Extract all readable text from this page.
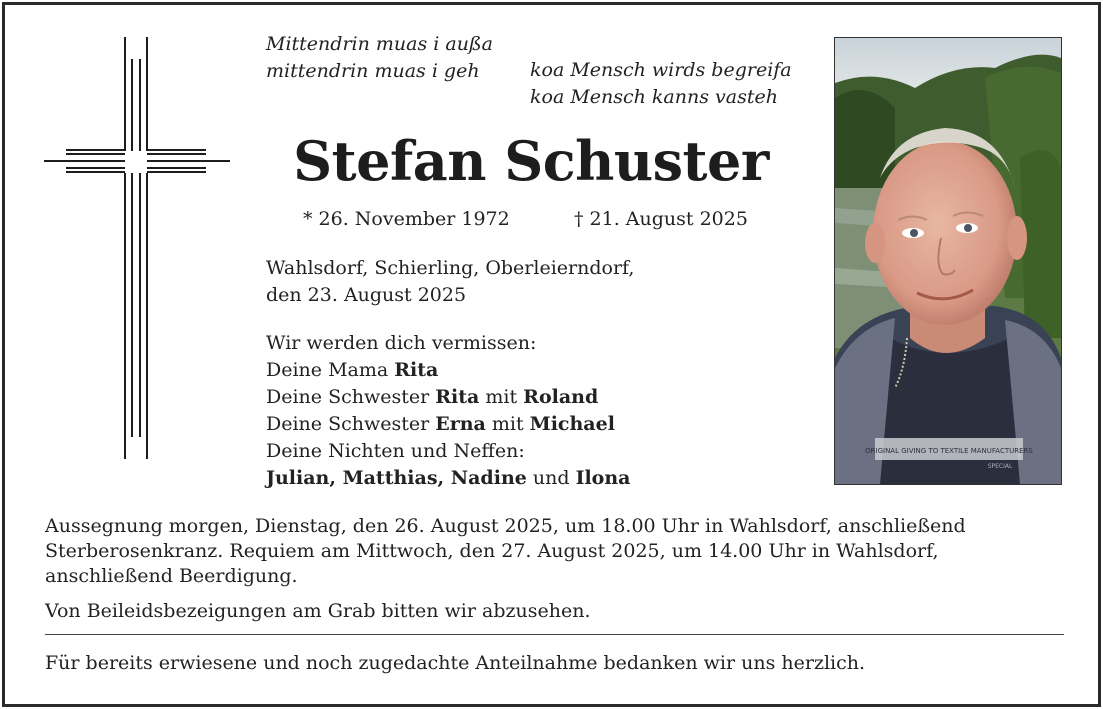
Mittendrin muas i außa
mittendrin muas i geh	koa Mensch wirds begreifa
koa Mensch kanns vasteh
Stefan Schuster
* 26. November 1972	† 21. August 2025
Wahlsdorf, Schierling, Oberleierndorf,
den 23. August 2025
Wir werden dich vermissen:
Deine Mama Rita
Deine Schwester Rita mit Roland
Deine Schwester Erna mit Michael
Deine Nichten und Neffen:
Julian, Matthias, Nadine und Ilona
ORIGINAL GIVING TO TEXTILE MANUFACTURERS
SPECIAL
Aussegnung morgen, Dienstag, den 26. August 2025, um 18.00 Uhr in Wahlsdorf, anschließend Sterberosenkranz. Requiem am Mittwoch, den 27. August 2025, um 14.00 Uhr in Wahlsdorf, anschließend Beerdigung.
Von Beileidsbezeigungen am Grab bitten wir abzusehen.
Für bereits erwiesene und noch zugedachte Anteilnahme bedanken wir uns herzlich.
